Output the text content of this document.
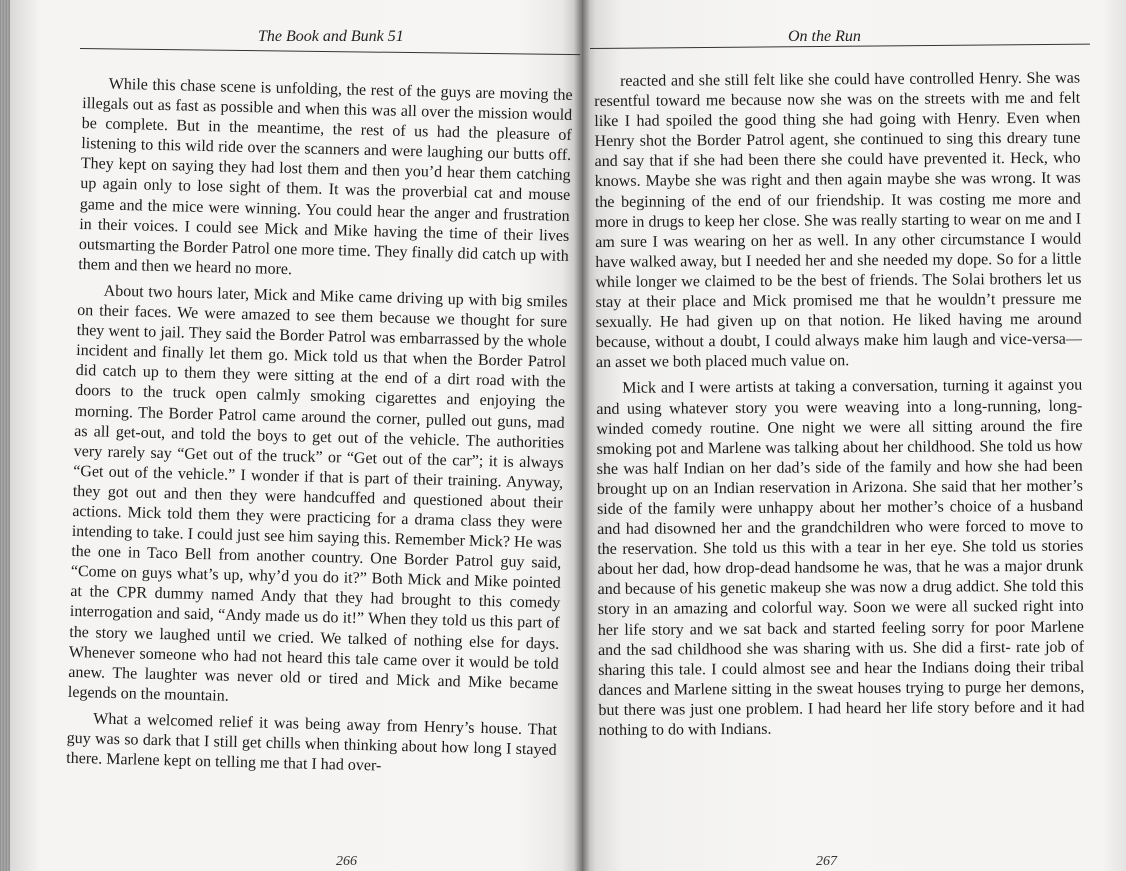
The Book and Bunk 51

While this chase scene is unfolding, the rest of the guys are moving the illegals out as fast as possible and when this was all over the mission would be complete. But in the meantime, the rest of us had the pleasure of listening to this wild ride over the scanners and were laughing our butts off. They kept on saying they had lost them and then you’d hear them catching up again only to lose sight of them. It was the proverbial cat and mouse game and the mice were winning. You could hear the anger and frustration in their voices. I could see Mick and Mike having the time of their lives outsmarting the Border Patrol one more time. They finally did catch up with them and then we heard no more.

About two hours later, Mick and Mike came driving up with big smiles on their faces. We were amazed to see them because we thought for sure they went to jail. They said the Border Patrol was embarrassed by the whole incident and finally let them go. Mick told us that when the Border Patrol did catch up to them they were sitting at the end of a dirt road with the doors to the truck open calmly smoking cigarettes and enjoying the morning. The Border Patrol came around the corner, pulled out guns, mad as all get-out, and told the boys to get out of the vehicle. The authorities very rarely say “Get out of the truck” or “Get out of the car”; it is always “Get out of the vehicle.” I wonder if that is part of their training. Anyway, they got out and then they were handcuffed and questioned about their actions. Mick told them they were practicing for a drama class they were intending to take. I could just see him saying this. Remember Mick? He was the one in Taco Bell from another country. One Border Patrol guy said, “Come on guys what’s up, why’d you do it?” Both Mick and Mike pointed at the CPR dummy named Andy that they had brought to this comedy interrogation and said, “Andy made us do it!” When they told us this part of the story we laughed until we cried. We talked of nothing else for days. Whenever someone who had not heard this tale came over it would be told anew. The laughter was never old or tired and Mick and Mike became legends on the mountain.

What a welcomed relief it was being away from Henry’s house. That guy was so dark that I still get chills when thinking about how long I stayed there. Marlene kept on telling me that I had over-

266
On the Run

reacted and she still felt like she could have controlled Henry. She was resentful toward me because now she was on the streets with me and felt like I had spoiled the good thing she had going with Henry. Even when Henry shot the Border Patrol agent, she continued to sing this dreary tune and say that if she had been there she could have prevented it. Heck, who knows. Maybe she was right and then again maybe she was wrong. It was the beginning of the end of our friendship. It was costing me more and more in drugs to keep her close. She was really starting to wear on me and I am sure I was wearing on her as well. In any other circumstance I would have walked away, but I needed her and she needed my dope. So for a little while longer we claimed to be the best of friends. The Solai brothers let us stay at their place and Mick promised me that he wouldn’t pressure me sexually. He had given up on that notion. He liked having me around because, without a doubt, I could always make him laugh and vice-versa—an asset we both placed much value on.

Mick and I were artists at taking a conversation, turning it against you and using whatever story you were weaving into a long-running, long-winded comedy routine. One night we were all sitting around the fire smoking pot and Marlene was talking about her childhood. She told us how she was half Indian on her dad’s side of the family and how she had been brought up on an Indian reservation in Arizona. She said that her mother’s side of the family were unhappy about her mother’s choice of a husband and had disowned her and the grandchildren who were forced to move to the reservation. She told us this with a tear in her eye. She told us stories about her dad, how drop-dead handsome he was, that he was a major drunk and because of his genetic makeup she was now a drug addict. She told this story in an amazing and colorful way. Soon we were all sucked right into her life story and we sat back and started feeling sorry for poor Marlene and the sad childhood she was sharing with us. She did a first- rate job of sharing this tale. I could almost see and hear the Indians doing their tribal dances and Marlene sitting in the sweat houses trying to purge her demons, but there was just one problem. I had heard her life story before and it had nothing to do with Indians.

267
